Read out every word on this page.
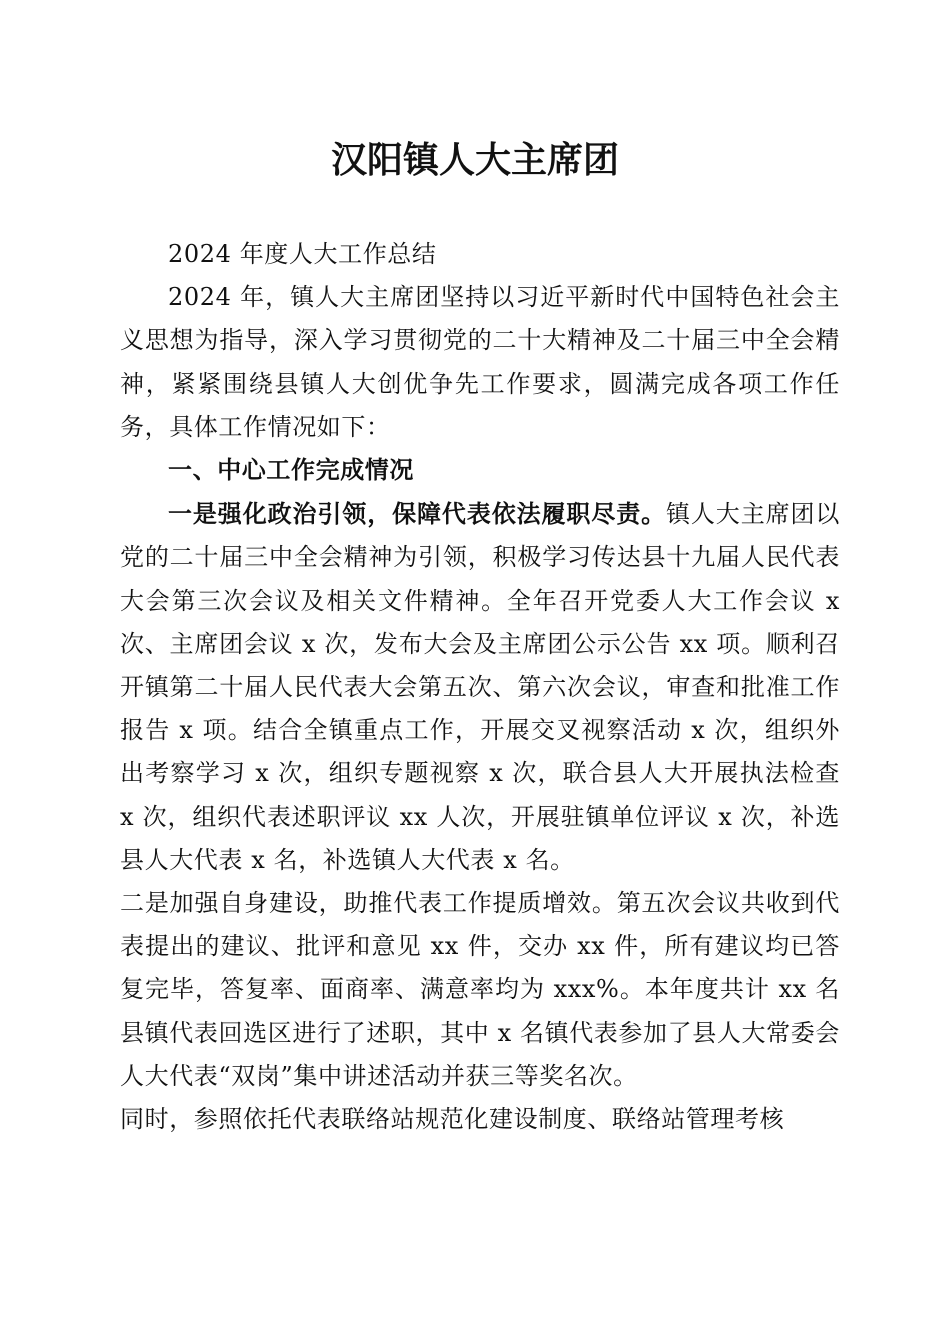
汉阳镇人大主席团

2024 年度人大工作总结

2024 年，镇人大主席团坚持以习近平新时代中国特色社会主义思想为指导，深入学习贯彻党的二十大精神及二十届三中全会精神，紧紧围绕县镇人大创优争先工作要求，圆满完成各项工作任务，具体工作情况如下：

一、中心工作完成情况

一是强化政治引领，保障代表依法履职尽责。镇人大主席团以党的二十届三中全会精神为引领，积极学习传达县十九届人民代表大会第三次会议及相关文件精神。全年召开党委人大工作会议 x 次、主席团会议 x 次，发布大会及主席团公示公告 xx 项。顺利召开镇第二十届人民代表大会第五次、第六次会议，审查和批准工作报告 x 项。结合全镇重点工作，开展交叉视察活动 x 次，组织外出考察学习 x 次，组织专题视察 x 次，联合县人大开展执法检查 x 次，组织代表述职评议 xx 人次，开展驻镇单位评议 x 次，补选县人大代表 x 名，补选镇人大代表 x 名。

二是加强自身建设，助推代表工作提质增效。第五次会议共收到代表提出的建议、批评和意见 xx 件，交办 xx 件，所有建议均已答复完毕，答复率、面商率、满意率均为 xxx%。本年度共计 xx 名县镇代表回选区进行了述职，其中 x 名镇代表参加了县人大常委会人大代表“双岗”集中讲述活动并获三等奖名次。

同时，参照依托代表联络站规范化建设制度、联络站管理考核
